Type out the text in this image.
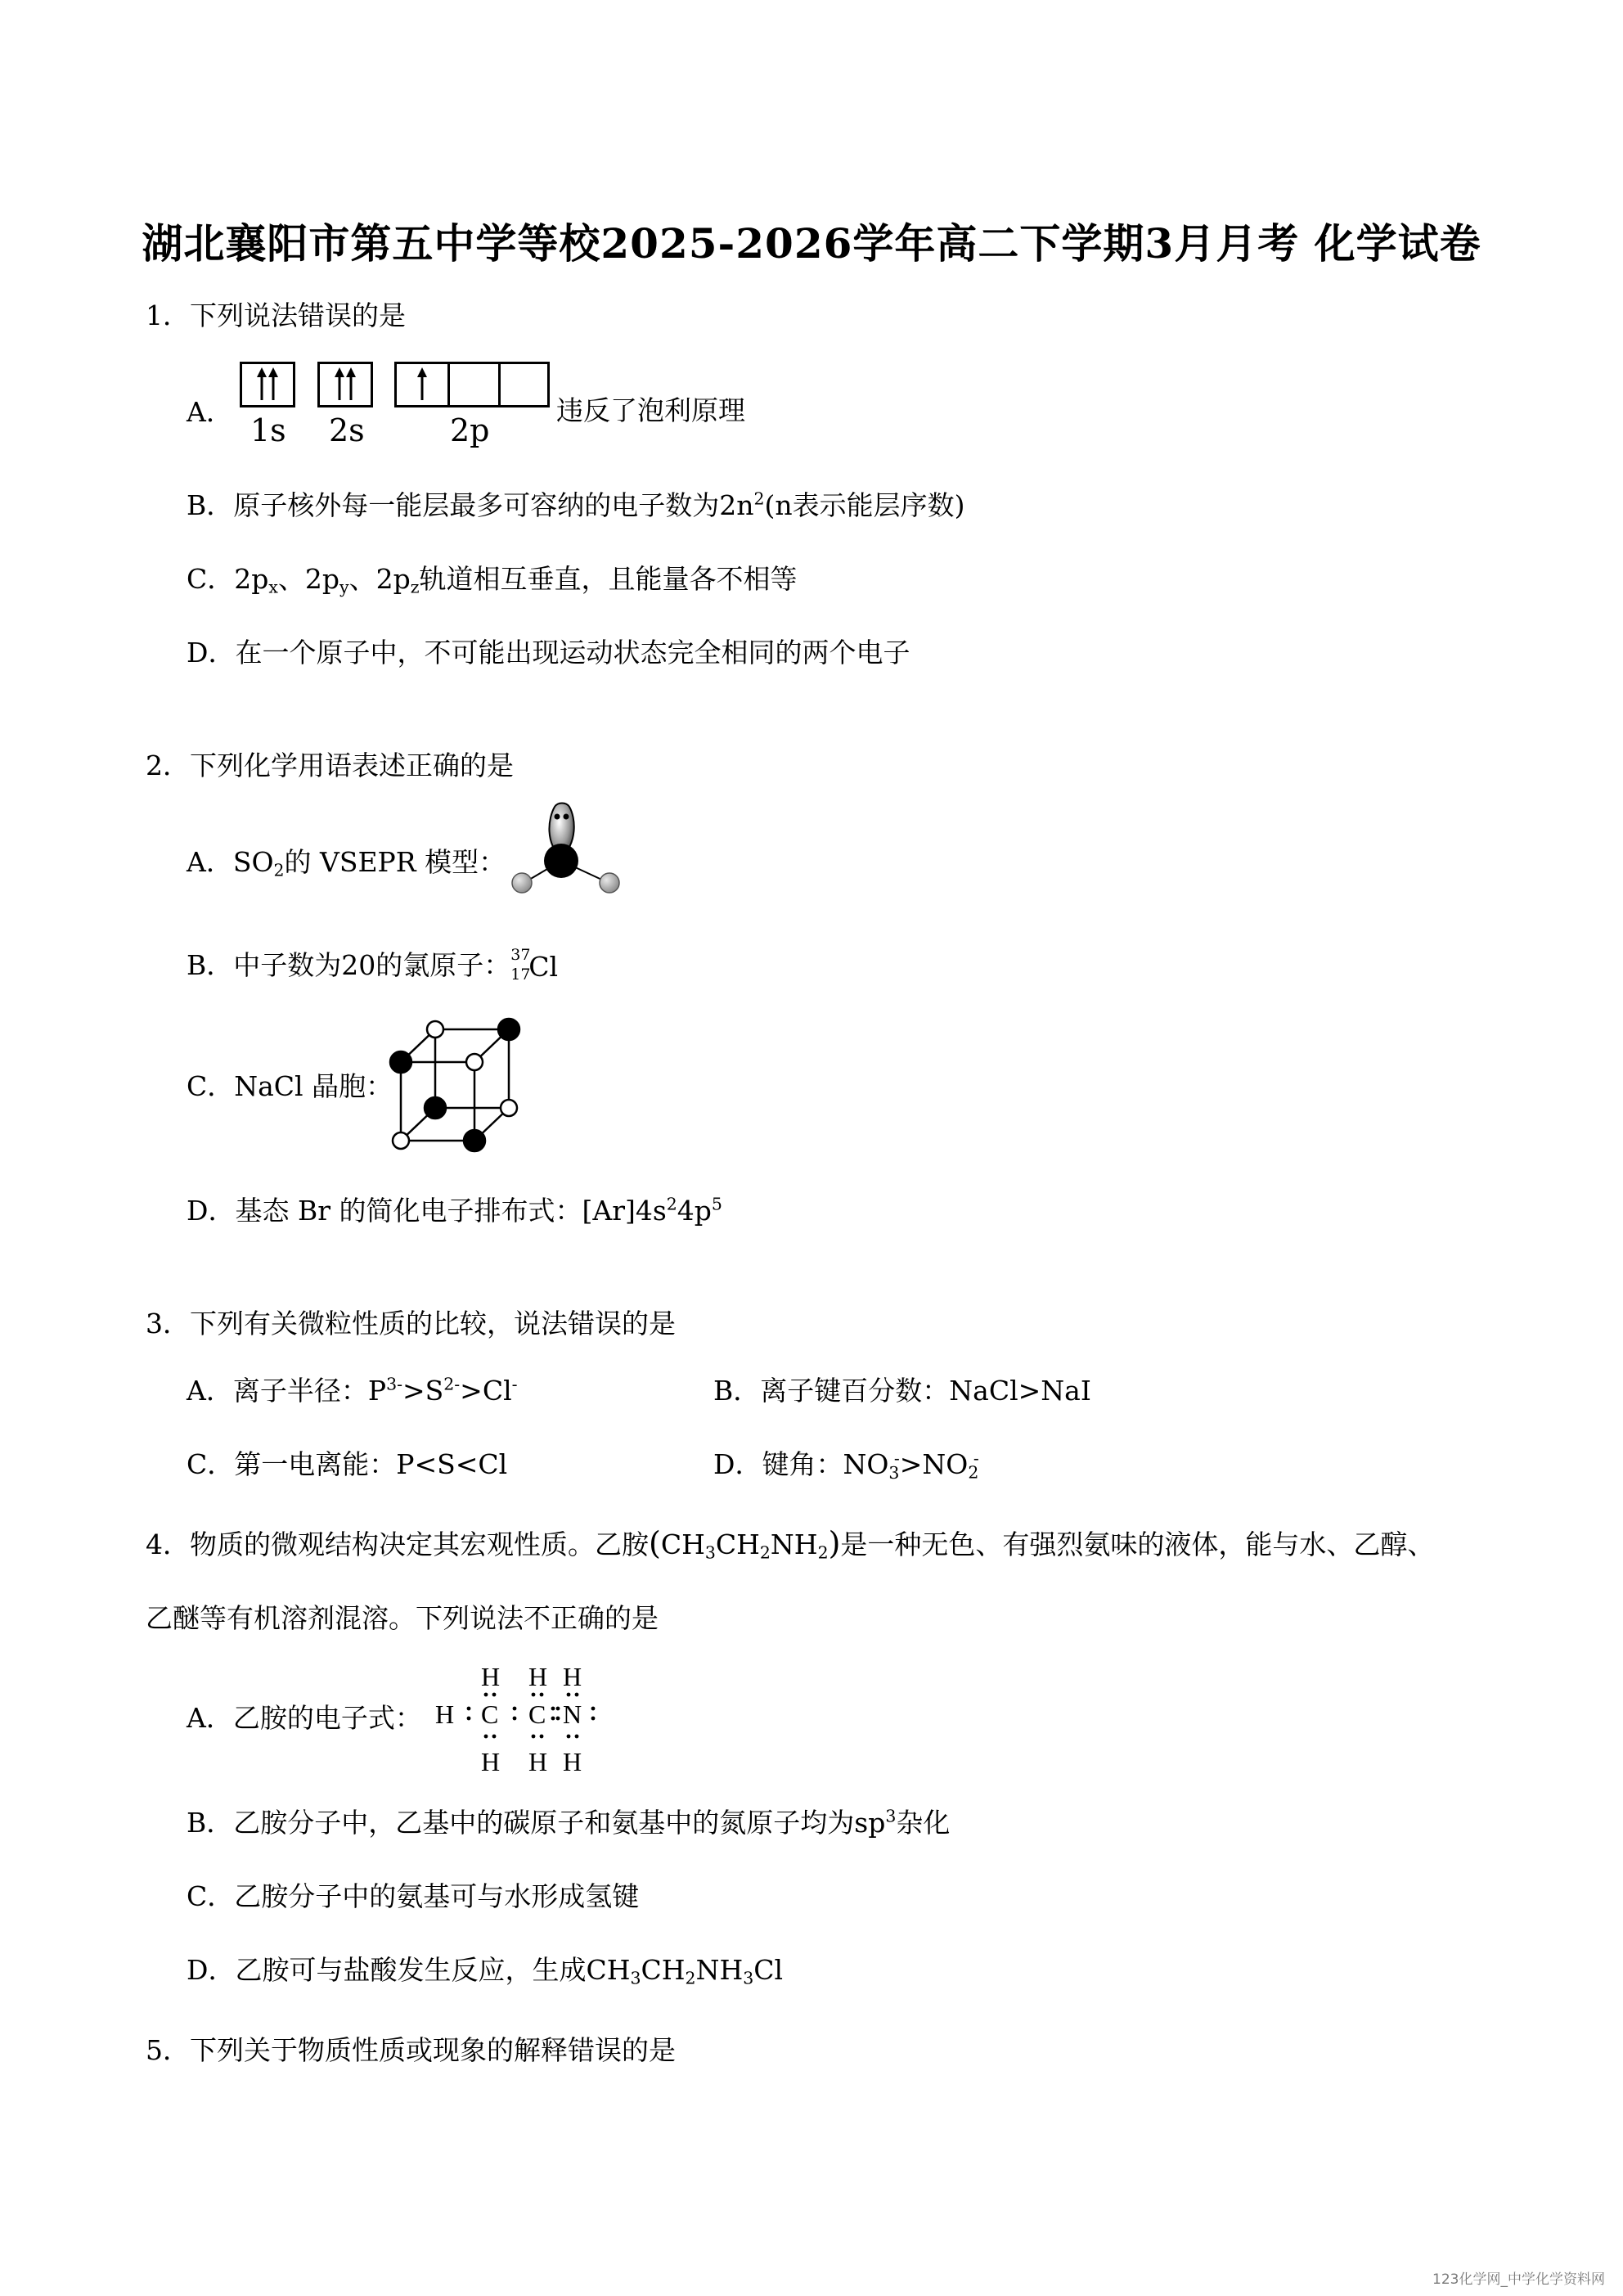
湖北襄阳市第五中学等校2025-2026学年高二下学期3月月考 化学试卷
1．下列说法错误的是
A．
1s 2s	2p
违反了泡利原理
B．原子核外每一能层最多可容纳的电子数为$2n^2(n$表示能层序数)
C．$2p_x$、$2p_y$、$2p_z$轨道相互垂直，且能量各不相等
D．在一个原子中，不可能出现运动状态完全相同的两个电子
2．下列化学用语表述正确的是
A．$SO_2$的 VSEPR 模型：
B．中子数为20的氯原子： 37
17
Cl
C．NaCl 晶胞：
D．基态 Br 的简化电子排布式：$[Ar]4s^24p^5$
3．下列有关微粒性质的比较，说法错误的是
A．离子半径：$P^{3-}>S^{2-}>Cl^-$	B．离子键百分数：NaCl>NaI
C．第一电离能：P<S<Cl	D．键角：$NO_3^->NO_2^-$
4．物质的微观结构决定其宏观性质。乙胺$(CH_3CH_2NH_2)$是一种无色、有强烈氨味的液体，能与水、乙醇、
乙醚等有机溶剂混溶。下列说法不正确的是
A．乙胺的电子式：
H H H
H C C N
H H H
B．乙胺分子中，乙基中的碳原子和氨基中的氮原子均为$sp^3$杂化
C．乙胺分子中的氨基可与水形成氢键
D．乙胺可与盐酸发生反应，生成$CH_3CH_2NH_3Cl$
5．下列关于物质性质或现象的解释错误的是
123化学网_中学化学资料网
